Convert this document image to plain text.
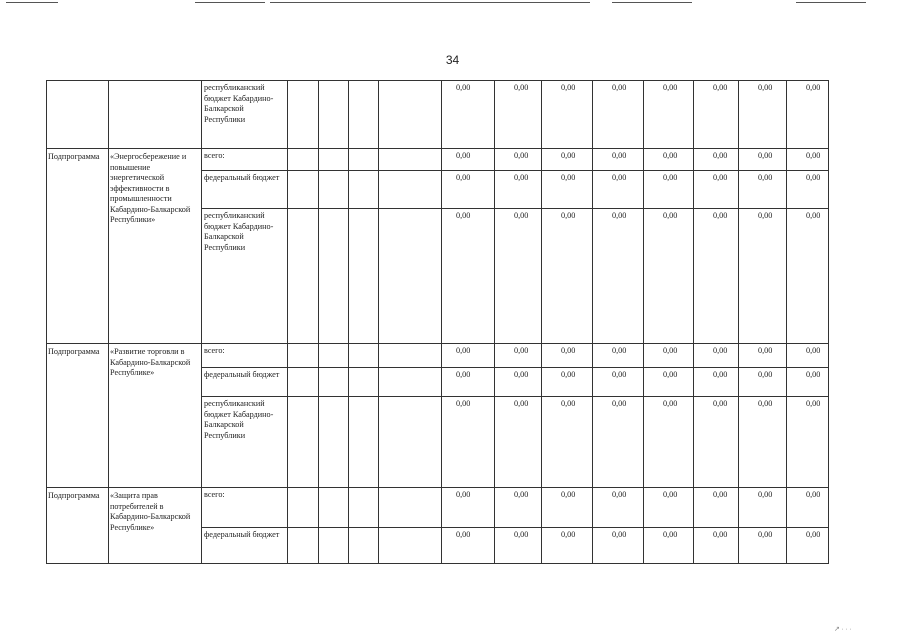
34
республиканский
бюджет Кабардино-
Балкарской
Республики
0,00	0,00	0,00	0,00	0,00	0,00	0,00	0,00
Подпрограмма	«Энергосбережение и
повышение
энергетической
эффективности в
промышленности
Кабардино-Балкарской
Республики»
всего:	0,00	0,00	0,00	0,00	0,00	0,00	0,00	0,00
федеральный бюджет	0,00	0,00	0,00	0,00	0,00	0,00	0,00	0,00
республиканский
бюджет Кабардино-
Балкарской
Республики
0,00	0,00	0,00	0,00	0,00	0,00	0,00	0,00
Подпрограмма	«Развитие торговли в
Кабардино-Балкарской
Республике»
всего:	0,00	0,00	0,00	0,00	0,00	0,00	0,00	0,00
федеральный бюджет	0,00	0,00	0,00	0,00	0,00	0,00	0,00	0,00
республиканский
бюджет Кабардино-
Балкарской
Республики
0,00	0,00	0,00	0,00	0,00	0,00	0,00	0,00
Подпрограмма	«Защита прав
потребителей в
Кабардино-Балкарской
Республике»
всего:	0,00	0,00	0,00	0,00	0,00	0,00	0,00	0,00
федеральный бюджет	0,00	0,00	0,00	0,00	0,00	0,00	0,00	0,00
↗ ∙ ∙ ∙
